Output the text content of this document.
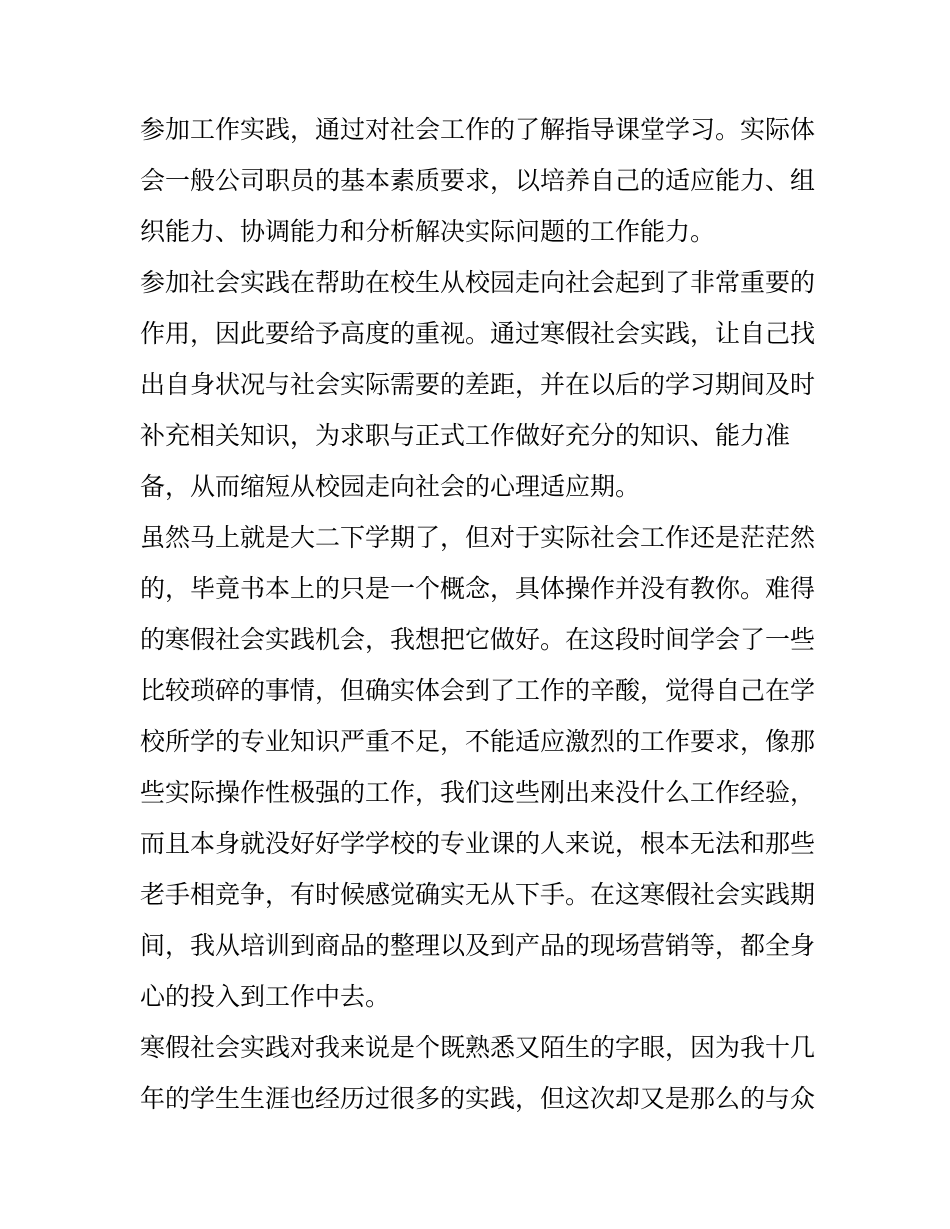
参加工作实践，通过对社会工作的了解指导课堂学习。实际体
会一般公司职员的基本素质要求，以培养自己的适应能力、组
织能力、协调能力和分析解决实际问题的工作能力。
参加社会实践在帮助在校生从校园走向社会起到了非常重要的
作用，因此要给予高度的重视。通过寒假社会实践，让自己找
出自身状况与社会实际需要的差距，并在以后的学习期间及时
补充相关知识，为求职与正式工作做好充分的知识、能力准
备，从而缩短从校园走向社会的心理适应期。
虽然马上就是大二下学期了，但对于实际社会工作还是茫茫然
的，毕竟书本上的只是一个概念，具体操作并没有教你。难得
的寒假社会实践机会，我想把它做好。在这段时间学会了一些
比较琐碎的事情，但确实体会到了工作的辛酸，觉得自己在学
校所学的专业知识严重不足，不能适应激烈的工作要求，像那
些实际操作性极强的工作，我们这些刚出来没什么工作经验，
而且本身就没好好学学校的专业课的人来说，根本无法和那些
老手相竞争，有时候感觉确实无从下手。在这寒假社会实践期
间，我从培训到商品的整理以及到产品的现场营销等，都全身
心的投入到工作中去。
寒假社会实践对我来说是个既熟悉又陌生的字眼，因为我十几
年的学生生涯也经历过很多的实践，但这次却又是那么的与众
